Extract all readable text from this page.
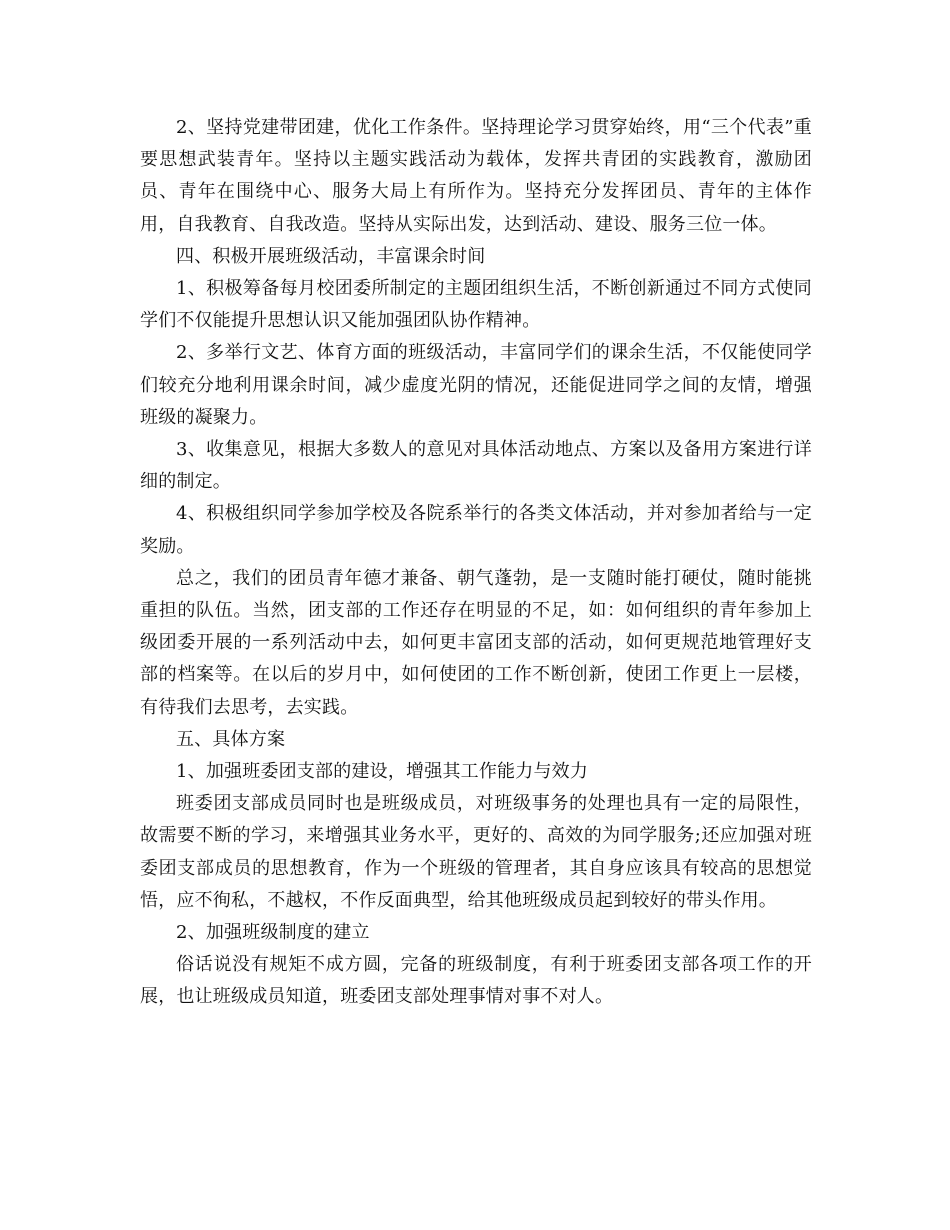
2、坚持党建带团建，优化工作条件。坚持理论学习贯穿始终，用“三个代表”重要思想武装青年。坚持以主题实践活动为载体，发挥共青团的实践教育，激励团员、青年在围绕中心、服务大局上有所作为。坚持充分发挥团员、青年的主体作用，自我教育、自我改造。坚持从实际出发，达到活动、建设、服务三位一体。

四、积极开展班级活动，丰富课余时间

1、积极筹备每月校团委所制定的主题团组织生活，不断创新通过不同方式使同学们不仅能提升思想认识又能加强团队协作精神。

2、多举行文艺、体育方面的班级活动，丰富同学们的课余生活，不仅能使同学们较充分地利用课余时间，减少虚度光阴的情况，还能促进同学之间的友情，增强班级的凝聚力。

3、收集意见，根据大多数人的意见对具体活动地点、方案以及备用方案进行详细的制定。

4、积极组织同学参加学校及各院系举行的各类文体活动，并对参加者给与一定奖励。

总之，我们的团员青年德才兼备、朝气蓬勃，是一支随时能打硬仗，随时能挑重担的队伍。当然，团支部的工作还存在明显的不足，如：如何组织的青年参加上级团委开展的一系列活动中去，如何更丰富团支部的活动，如何更规范地管理好支部的档案等。在以后的岁月中，如何使团的工作不断创新，使团工作更上一层楼，有待我们去思考，去实践。

五、具体方案

1、加强班委团支部的建设，增强其工作能力与效力

班委团支部成员同时也是班级成员，对班级事务的处理也具有一定的局限性，故需要不断的学习，来增强其业务水平，更好的、高效的为同学服务;还应加强对班委团支部成员的思想教育，作为一个班级的管理者，其自身应该具有较高的思想觉悟，应不徇私，不越权，不作反面典型，给其他班级成员起到较好的带头作用。

2、加强班级制度的建立

俗话说没有规矩不成方圆，完备的班级制度，有利于班委团支部各项工作的开展，也让班级成员知道，班委团支部处理事情对事不对人。
